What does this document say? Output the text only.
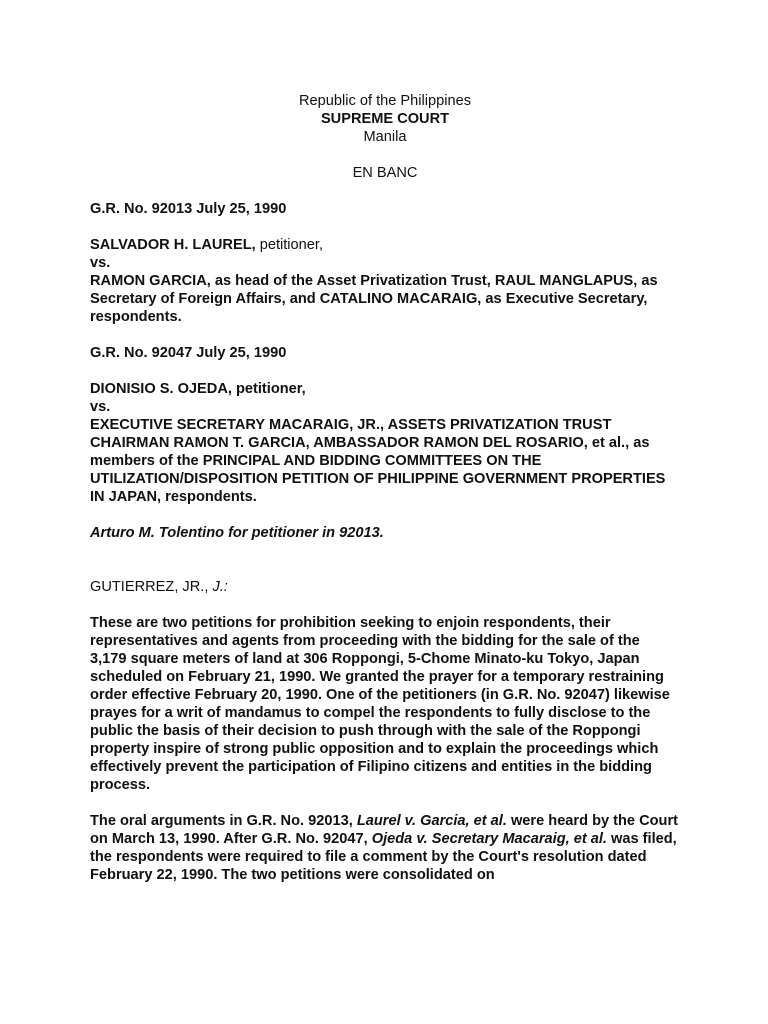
Republic of the Philippines

SUPREME COURT

Manila

EN BANC

G.R. No. 92013 July 25, 1990

SALVADOR H. LAUREL, petitioner,

vs.

RAMON GARCIA, as head of the Asset Privatization Trust, RAUL MANGLAPUS, as Secretary of Foreign Affairs, and CATALINO MACARAIG, as Executive Secretary, respondents.

G.R. No. 92047 July 25, 1990

DIONISIO S. OJEDA, petitioner,

vs.

EXECUTIVE SECRETARY MACARAIG, JR., ASSETS PRIVATIZATION TRUST CHAIRMAN RAMON T. GARCIA, AMBASSADOR RAMON DEL ROSARIO, et al., as members of the PRINCIPAL AND BIDDING COMMITTEES ON THE UTILIZATION/DISPOSITION PETITION OF PHILIPPINE GOVERNMENT PROPERTIES IN JAPAN, respondents.

Arturo M. Tolentino for petitioner in 92013.

GUTIERREZ, JR., J.:

These are two petitions for prohibition seeking to enjoin respondents, their representatives and agents from proceeding with the bidding for the sale of the 3,179 square meters of land at 306 Roppongi, 5-Chome Minato-ku Tokyo, Japan scheduled on February 21, 1990. We granted the prayer for a temporary restraining order effective February 20, 1990. One of the petitioners (in G.R. No. 92047) likewise prayes for a writ of mandamus to compel the respondents to fully disclose to the public the basis of their decision to push through with the sale of the Roppongi property inspire of strong public opposition and to explain the proceedings which effectively prevent the participation of Filipino citizens and entities in the bidding process.

The oral arguments in G.R. No. 92013, Laurel v. Garcia, et al. were heard by the Court on March 13, 1990. After G.R. No. 92047, Ojeda v. Secretary Macaraig, et al. was filed, the respondents were required to file a comment by the Court's resolution dated February 22, 1990. The two petitions were consolidated on
